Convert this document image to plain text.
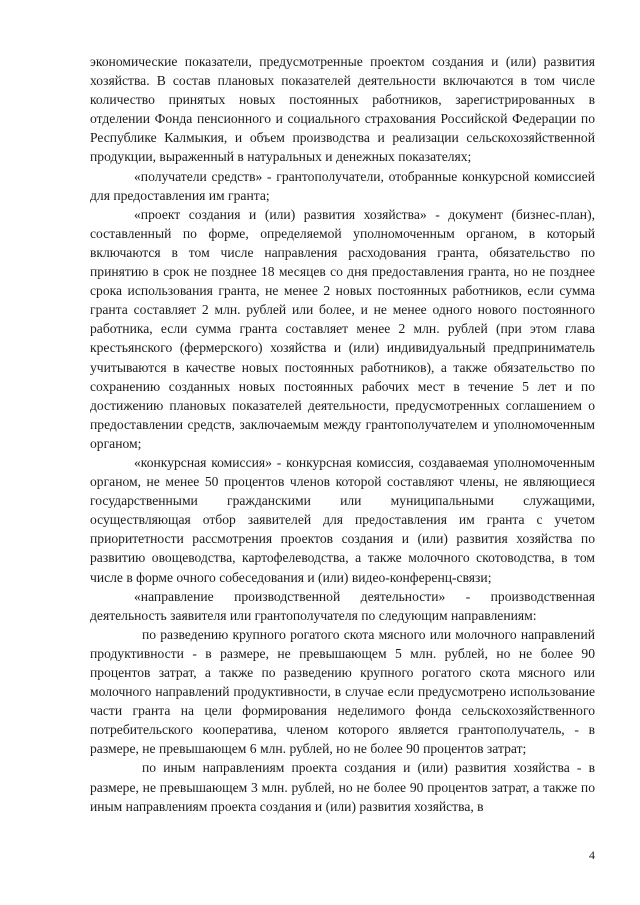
экономические показатели, предусмотренные проектом создания и (или) развития хозяйства. В состав плановых показателей деятельности включаются в том числе количество принятых новых постоянных работников, зарегистрированных в отделении Фонда пенсионного и социального страхования Российской Федерации по Республике Калмыкия, и объем производства и реализации сельскохозяйственной продукции, выраженный в натуральных и денежных показателях;

«получатели средств» - грантополучатели, отобранные конкурсной комиссией для предоставления им гранта;

«проект создания и (или) развития хозяйства» - документ (бизнес-план), составленный по форме, определяемой уполномоченным органом, в который включаются в том числе направления расходования гранта, обязательство по принятию в срок не позднее 18 месяцев со дня предоставления гранта, но не позднее срока использования гранта, не менее 2 новых постоянных работников, если сумма гранта составляет 2 млн. рублей или более, и не менее одного нового постоянного работника, если сумма гранта составляет менее 2 млн. рублей (при этом глава крестьянского (фермерского) хозяйства и (или) индивидуальный предприниматель учитываются в качестве новых постоянных работников), а также обязательство по сохранению созданных новых постоянных рабочих мест в течение 5 лет и по достижению плановых показателей деятельности, предусмотренных соглашением о предоставлении средств, заключаемым между грантополучателем и уполномоченным органом;

«конкурсная комиссия» - конкурсная комиссия, создаваемая уполномоченным органом, не менее 50 процентов членов которой составляют члены, не являющиеся государственными гражданскими или муниципальными служащими, осуществляющая отбор заявителей для предоставления им гранта с учетом приоритетности рассмотрения проектов создания и (или) развития хозяйства по развитию овощеводства, картофелеводства, а также молочного скотоводства, в том числе в форме очного собеседования и (или) видео-конференц-связи;

«направление производственной деятельности» - производственная деятельность заявителя или грантополучателя по следующим направлениям:

по разведению крупного рогатого скота мясного или молочного направлений продуктивности - в размере, не превышающем 5 млн. рублей, но не более 90 процентов затрат, а также по разведению крупного рогатого скота мясного или молочного направлений продуктивности, в случае если предусмотрено использование части гранта на цели формирования неделимого фонда сельскохозяйственного потребительского кооператива, членом которого является грантополучатель, - в размере, не превышающем 6 млн. рублей, но не более 90 процентов затрат;

по иным направлениям проекта создания и (или) развития хозяйства - в размере, не превышающем 3 млн. рублей, но не более 90 процентов затрат, а также по иным направлениям проекта создания и (или) развития хозяйства, в

4
